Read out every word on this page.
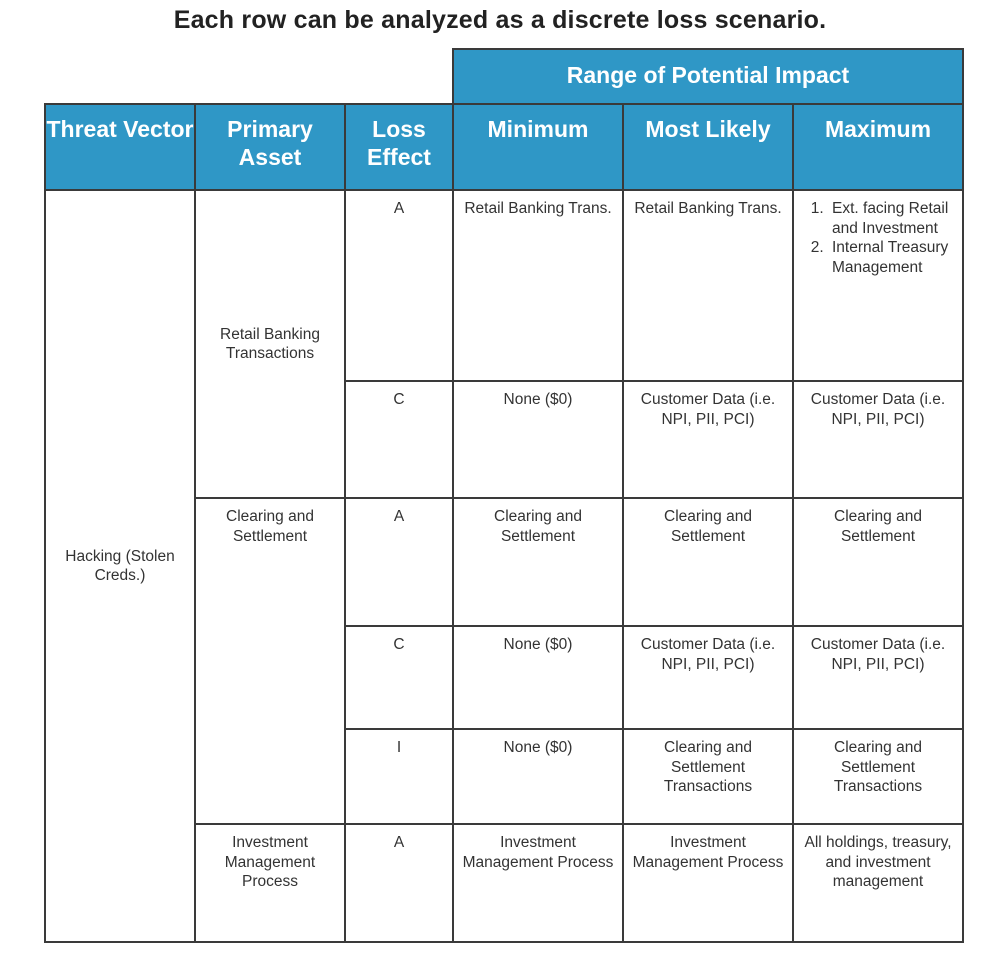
Each row can be analyzed as a discrete loss scenario.
Range of Potential Impact
Threat Vector	Primary Asset
Loss Effect
Minimum	Most Likely	Maximum
Hacking (Stolen Creds.)
Retail Banking Transactions
Clearing and Settlement
Investment Management Process
A	Retail Banking Trans.	Retail Banking Trans.
1.	Ext. facing Retail and Investment
2. Internal Treasury Management
C	None ($0)	Customer Data (i.e. NPI, PII, PCI)
Customer Data (i.e. NPI, PII, PCI)
A	Clearing and Settlement
Clearing and Settlement
Clearing and Settlement
C	None ($0)	Customer Data (i.e. NPI, PII, PCI)
Customer Data (i.e. NPI, PII, PCI)
I	None ($0)	Clearing and Settlement Transactions
Clearing and Settlement Transactions
A	Investment Management Process
Investment Management Process
All holdings, treasury, and investment management
